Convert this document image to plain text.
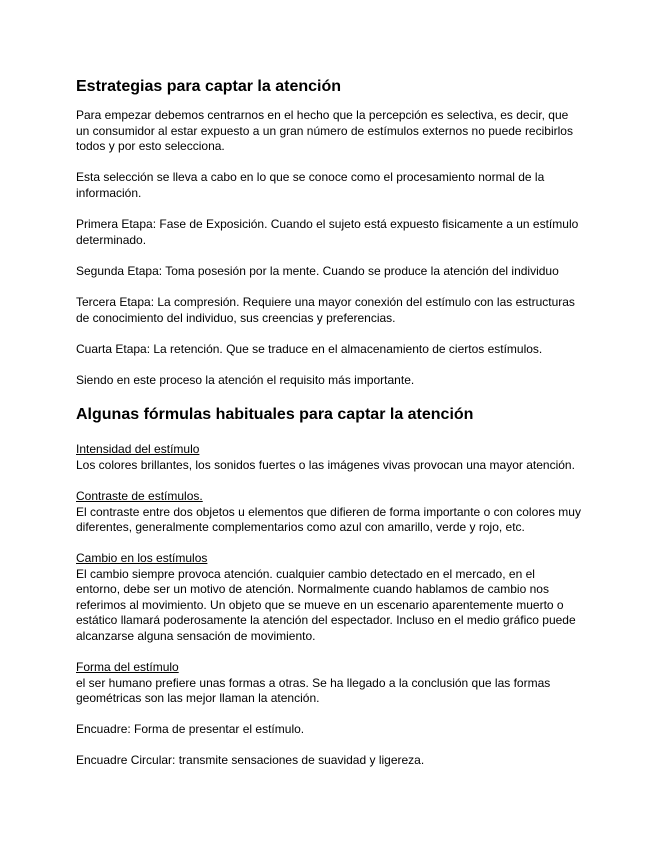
Estrategias para captar la atención

Para empezar debemos centrarnos en el hecho que la percepción es selectiva, es decir, que un consumidor al estar expuesto a un gran número de estímulos externos no puede recibirlos todos y por esto selecciona.

Esta selección se lleva a cabo en lo que se conoce como el procesamiento normal de la información.

Primera Etapa: Fase de Exposición. Cuando el sujeto está expuesto fisicamente a un estímulo determinado.

Segunda Etapa: Toma posesión por la mente. Cuando se produce la atención del individuo

Tercera Etapa: La compresión. Requiere una mayor conexión del estímulo con las estructuras de conocimiento del individuo, sus creencias y preferencias.

Cuarta Etapa: La retención. Que se traduce en el almacenamiento de ciertos estímulos.

Siendo en este proceso la atención el requisito más importante.

Algunas fórmulas habituales para captar la atención
Intensidad del estímulo
Los colores brillantes, los sonidos fuertes o las imágenes vivas provocan una mayor atención.
Contraste de estímulos.
El contraste entre dos objetos u elementos que difieren de forma importante o con colores muy diferentes, generalmente complementarios como azul con amarillo, verde y rojo, etc.
Cambio en los estímulos
El cambio siempre provoca atención. cualquier cambio detectado en el mercado, en el entorno, debe ser un motivo de atención. Normalmente cuando hablamos de cambio nos referimos al movimiento. Un objeto que se mueve en un escenario aparentemente muerto o estático llamará poderosamente la atención del espectador. Incluso en el medio gráfico puede alcanzarse alguna sensación de movimiento.
Forma del estímulo
el ser humano prefiere unas formas a otras. Se ha llegado a la conclusión que las formas geométricas son las mejor llaman la atención.

Encuadre: Forma de presentar el estímulo.

Encuadre Circular: transmite sensaciones de suavidad y ligereza.
